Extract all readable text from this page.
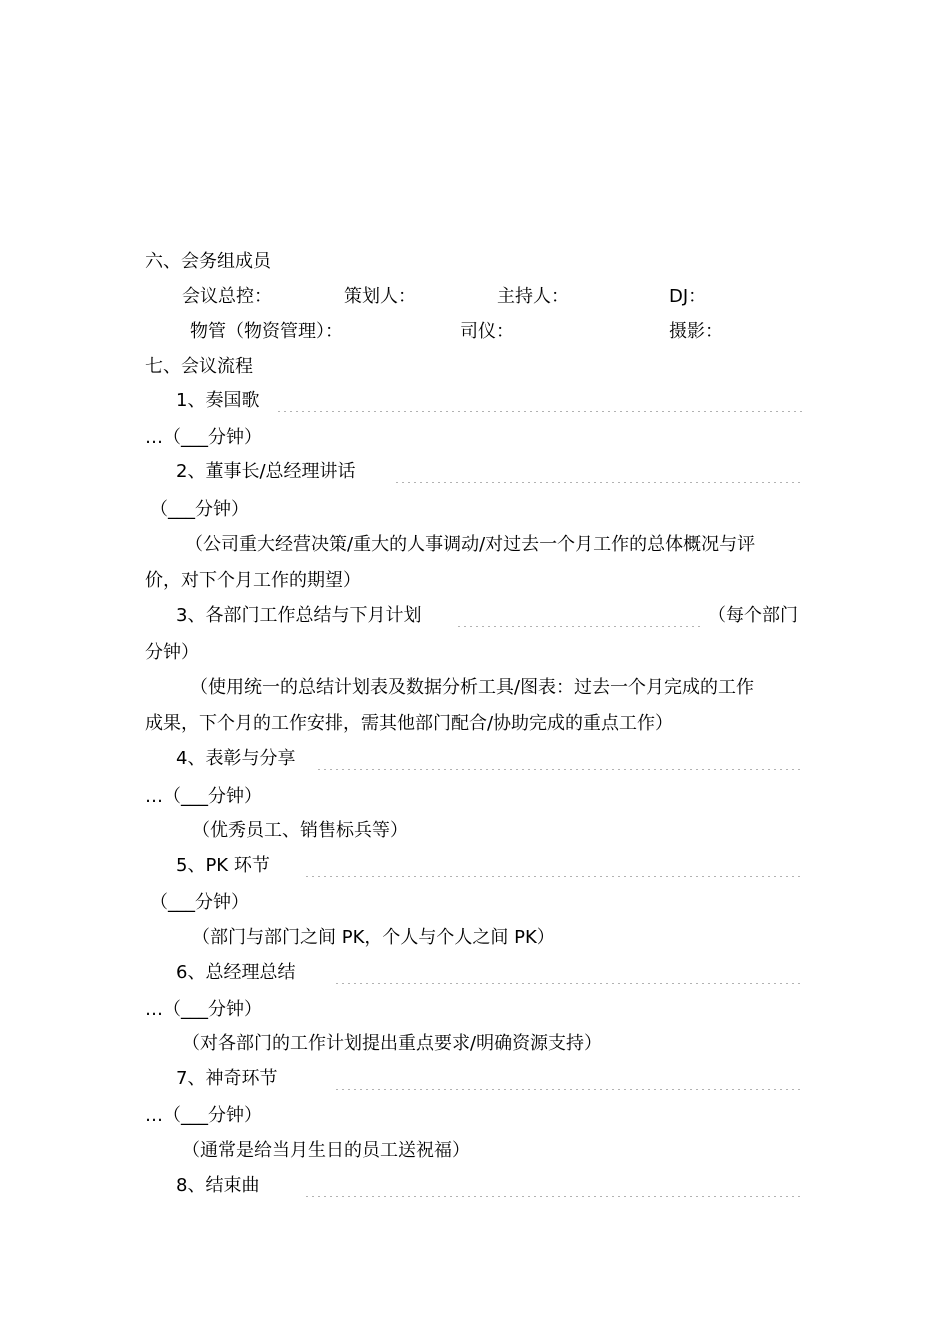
六、会务组成员
会议总控：	策划人：	主持人：	DJ：
物管（物资管理）：	司仪：	摄影：
七、会议流程
1、奏国歌
…（___分钟）
2、董事长/总经理讲话
（___分钟）
（公司重大经营决策/重大的人事调动/对过去一个月工作的总体概况与评
价，对下个月工作的期望）
3、各部门工作总结与下月计划	（每个部门
分钟）
（使用统一的总结计划表及数据分析工具/图表：过去一个月完成的工作
成果，下个月的工作安排，需其他部门配合/协助完成的重点工作）
4、表彰与分享
…（___分钟）
（优秀员工、销售标兵等）
5、PK 环节
（___分钟）
（部门与部门之间 PK，个人与个人之间 PK）
6、总经理总结
…（___分钟）
（对各部门的工作计划提出重点要求/明确资源支持）
7、神奇环节
…（___分钟）
（通常是给当月生日的员工送祝福）
8、结束曲
